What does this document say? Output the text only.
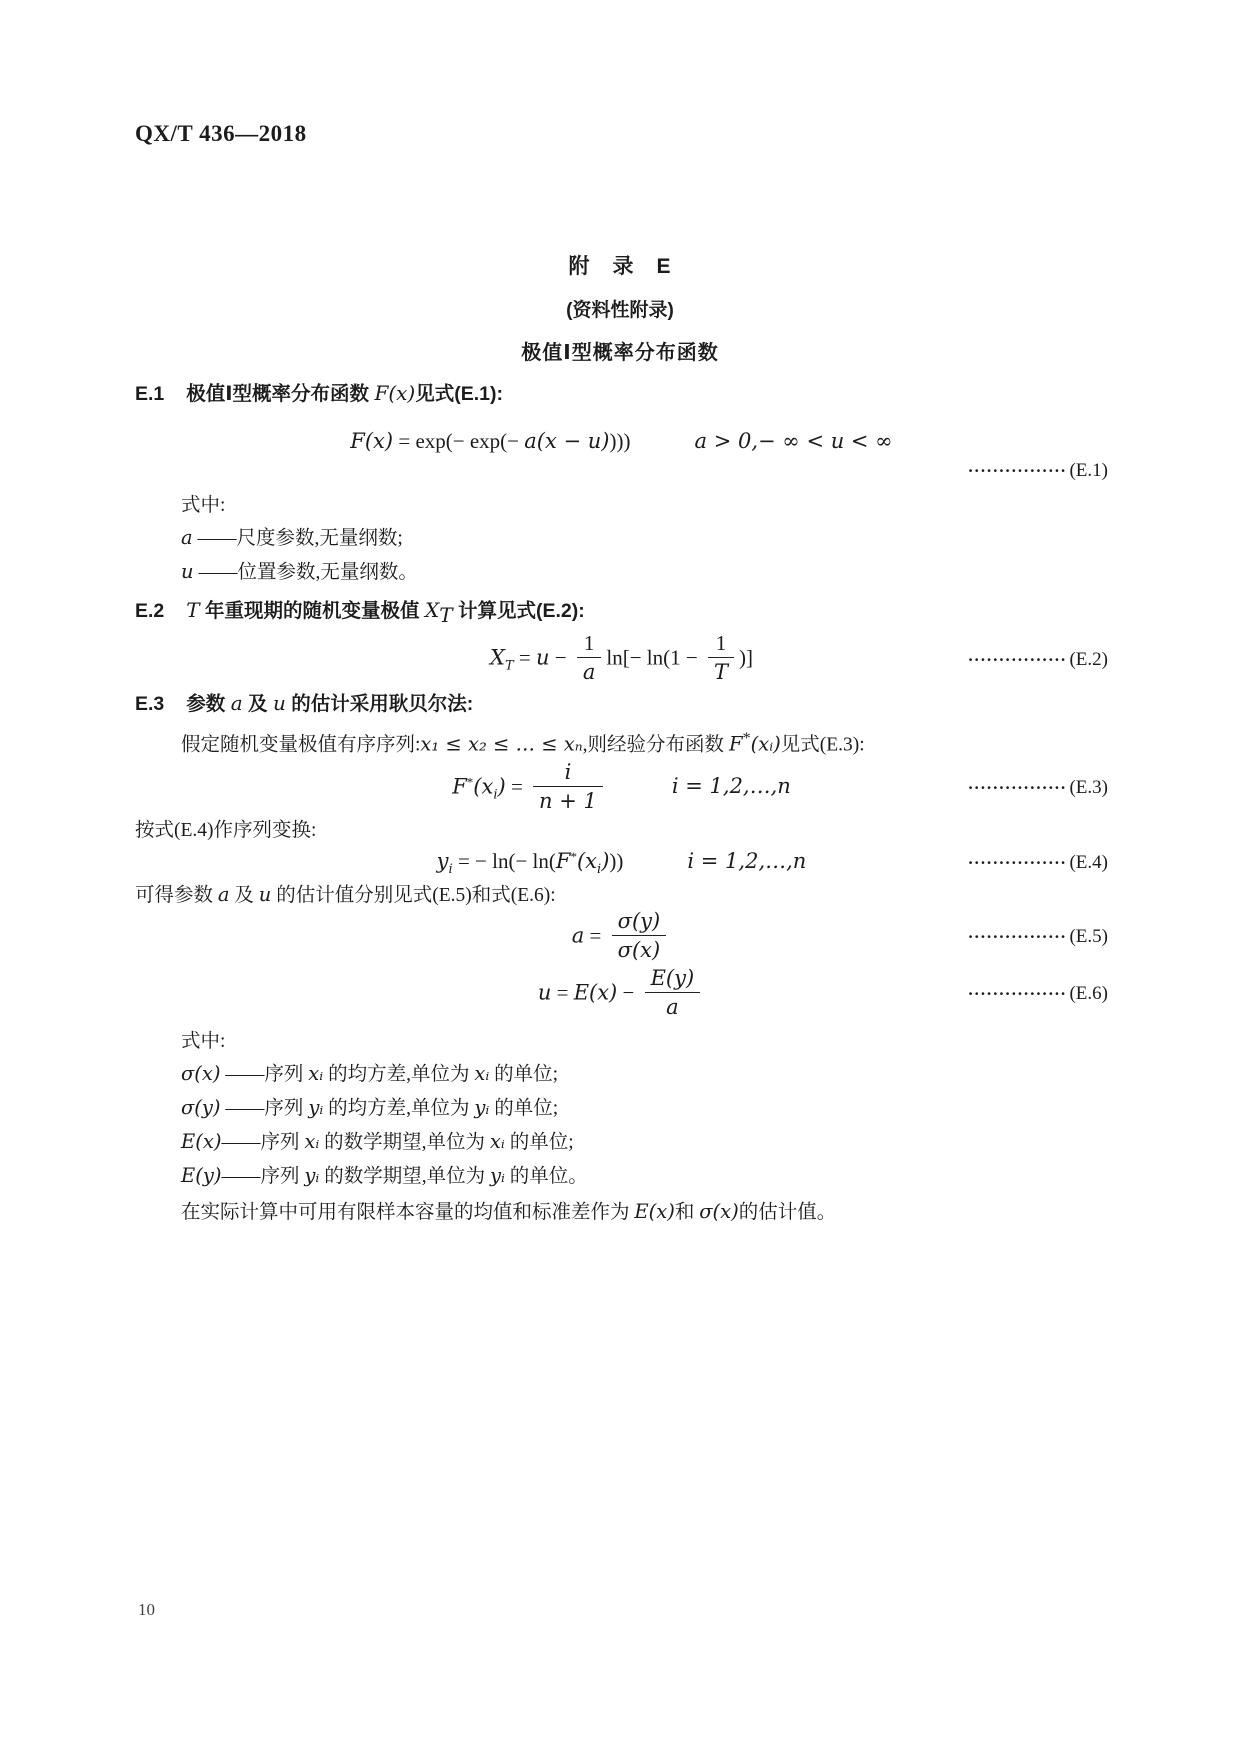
QX/T 436—2018
附　录　E
(资料性附录)
极值Ⅰ型概率分布函数
E.1 极值Ⅰ型概率分布函数 F(x)见式(E.1):
F(x) = exp(− exp(− a(x − u))))	a > 0,− ∞ < u < ∞
················ (E.1)
式中:
a ——尺度参数,无量纲数;
u ——位置参数,无量纲数。
E.2 T 年重现期的随机变量极值 $X_T$ 计算见式(E.2):
$X_T = u - \frac{1}{a} \ln[- \ln(1 - \frac{1}{T}$ )]	················ (E.2)
E.3 参数 a 及 u 的估计采用耿贝尔法:
假定随机变量极值有序序列:x₁ ≤ x₂ ≤ … ≤ xₙ,则经验分布函数 F*(xᵢ)见式(E.3):
$F^*(x_i) = \frac{i}{n + 1}$	i = 1,2,…,n	················ (E.3)
按式(E.4)作序列变换:
$y_i$ = − $\ln(- \ln(F^*(x_i)))$	i = 1,2,…,n	················ (E.4)
可得参数 a 及 u 的估计值分别见式(E.5)和式(E.6):
$a = \frac{\sigma(y)}{\sigma(x)}$	················ (E.5)
$u = E(x) - \frac{E(y)}{a}$	················ (E.6)
式中:
σ(x) ——序列 xᵢ 的均方差,单位为 xᵢ 的单位;
σ(y) ——序列 yᵢ 的均方差,单位为 yᵢ 的单位;
E(x)——序列 xᵢ 的数学期望,单位为 xᵢ 的单位;
E(y)——序列 yᵢ 的数学期望,单位为 yᵢ 的单位。
在实际计算中可用有限样本容量的均值和标准差作为 E(x)和 σ(x)的估计值。
10
